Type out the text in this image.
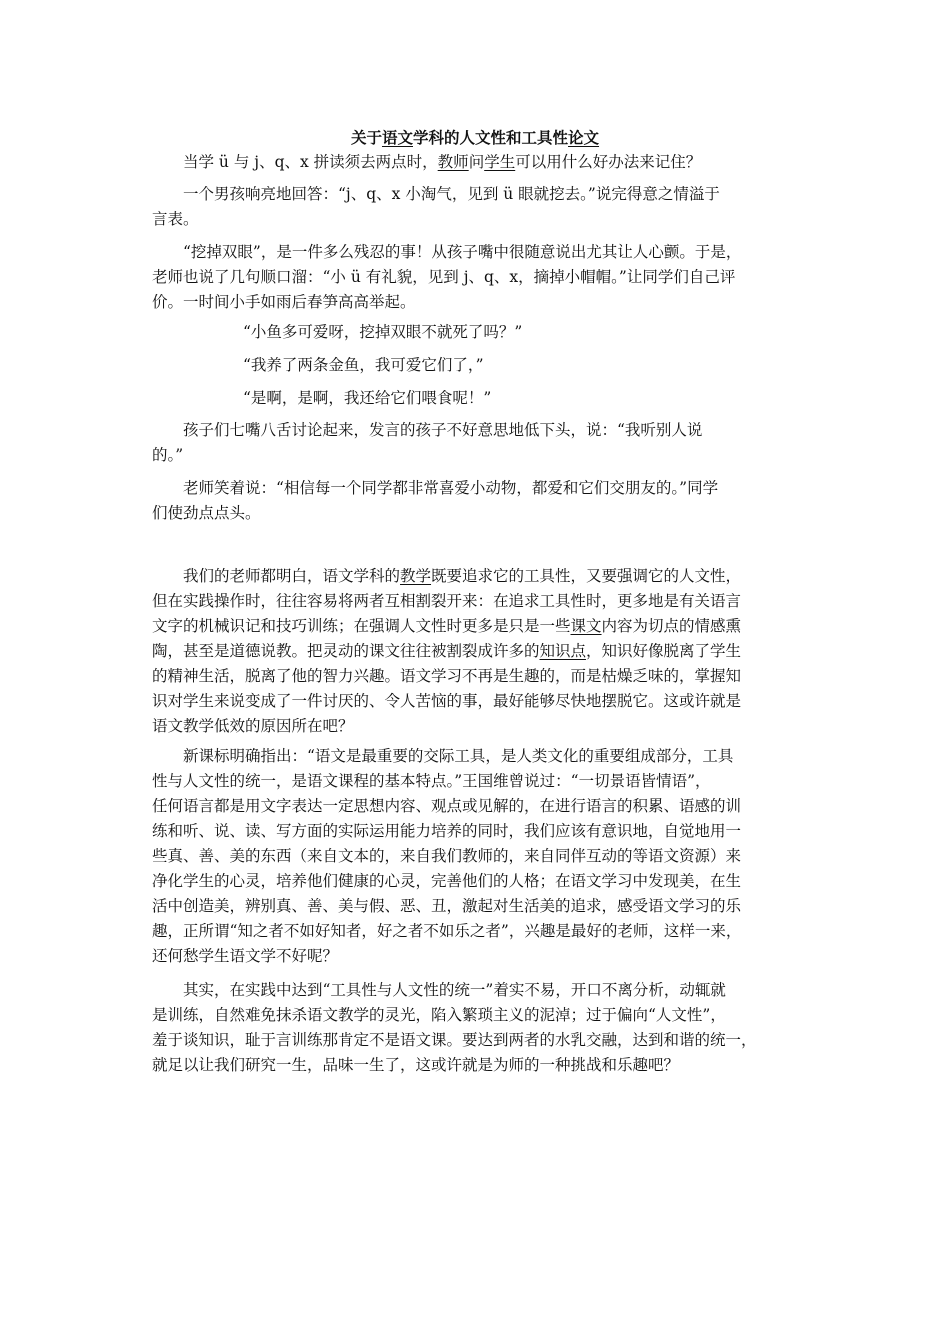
关于语文学科的人文性和工具性论文
当学 ü 与 j、q、x 拼读须去两点时，教师问学生可以用什么好办法来记住？
一个男孩响亮地回答：“j、q、x 小淘气，见到 ü 眼就挖去。”说完得意之情溢于
言表。
“挖掉双眼”，是一件多么残忍的事！从孩子嘴中很随意说出尤其让人心颤。于是，
老师也说了几句顺口溜：“小 ü 有礼貌，见到 j、q、x，摘掉小帽帽。”让同学们自己评
价。一时间小手如雨后春笋高高举起。
“小鱼多可爱呀，挖掉双眼不就死了吗？”
“我养了两条金鱼，我可爱它们了，”
“是啊，是啊，我还给它们喂食呢！”
孩子们七嘴八舌讨论起来，发言的孩子不好意思地低下头，说：“我听别人说
的。”
老师笑着说：“相信每一个同学都非常喜爱小动物，都爱和它们交朋友的。”同学
们使劲点点头。
我们的老师都明白，语文学科的教学既要追求它的工具性，又要强调它的人文性，
但在实践操作时，往往容易将两者互相割裂开来：在追求工具性时，更多地是有关语言
文字的机械识记和技巧训练；在强调人文性时更多是只是一些课文内容为切点的情感熏
陶，甚至是道德说教。把灵动的课文往往被割裂成许多的知识点，知识好像脱离了学生
的精神生活，脱离了他的智力兴趣。语文学习不再是生趣的，而是枯燥乏味的，掌握知
识对学生来说变成了一件讨厌的、令人苦恼的事，最好能够尽快地摆脱它。这或许就是
语文教学低效的原因所在吧？
新课标明确指出：“语文是最重要的交际工具，是人类文化的重要组成部分，工具
性与人文性的统一，是语文课程的基本特点。”王国维曾说过：“一切景语皆情语”，
任何语言都是用文字表达一定思想内容、观点或见解的，在进行语言的积累、语感的训
练和听、说、读、写方面的实际运用能力培养的同时，我们应该有意识地，自觉地用一
些真、善、美的东西（来自文本的，来自我们教师的，来自同伴互动的等语文资源）来
净化学生的心灵，培养他们健康的心灵，完善他们的人格；在语文学习中发现美，在生
活中创造美，辨别真、善、美与假、恶、丑，激起对生活美的追求，感受语文学习的乐
趣，正所谓“知之者不如好知者，好之者不如乐之者”，兴趣是最好的老师，这样一来，
还何愁学生语文学不好呢？
其实，在实践中达到“工具性与人文性的统一”着实不易，开口不离分析，动辄就
是训练，自然难免抹杀语文教学的灵光，陷入繁琐主义的泥淖；过于偏向“人文性”，
羞于谈知识，耻于言训练那肯定不是语文课。要达到两者的水乳交融，达到和谐的统一，
就足以让我们研究一生，品味一生了，这或许就是为师的一种挑战和乐趣吧？
